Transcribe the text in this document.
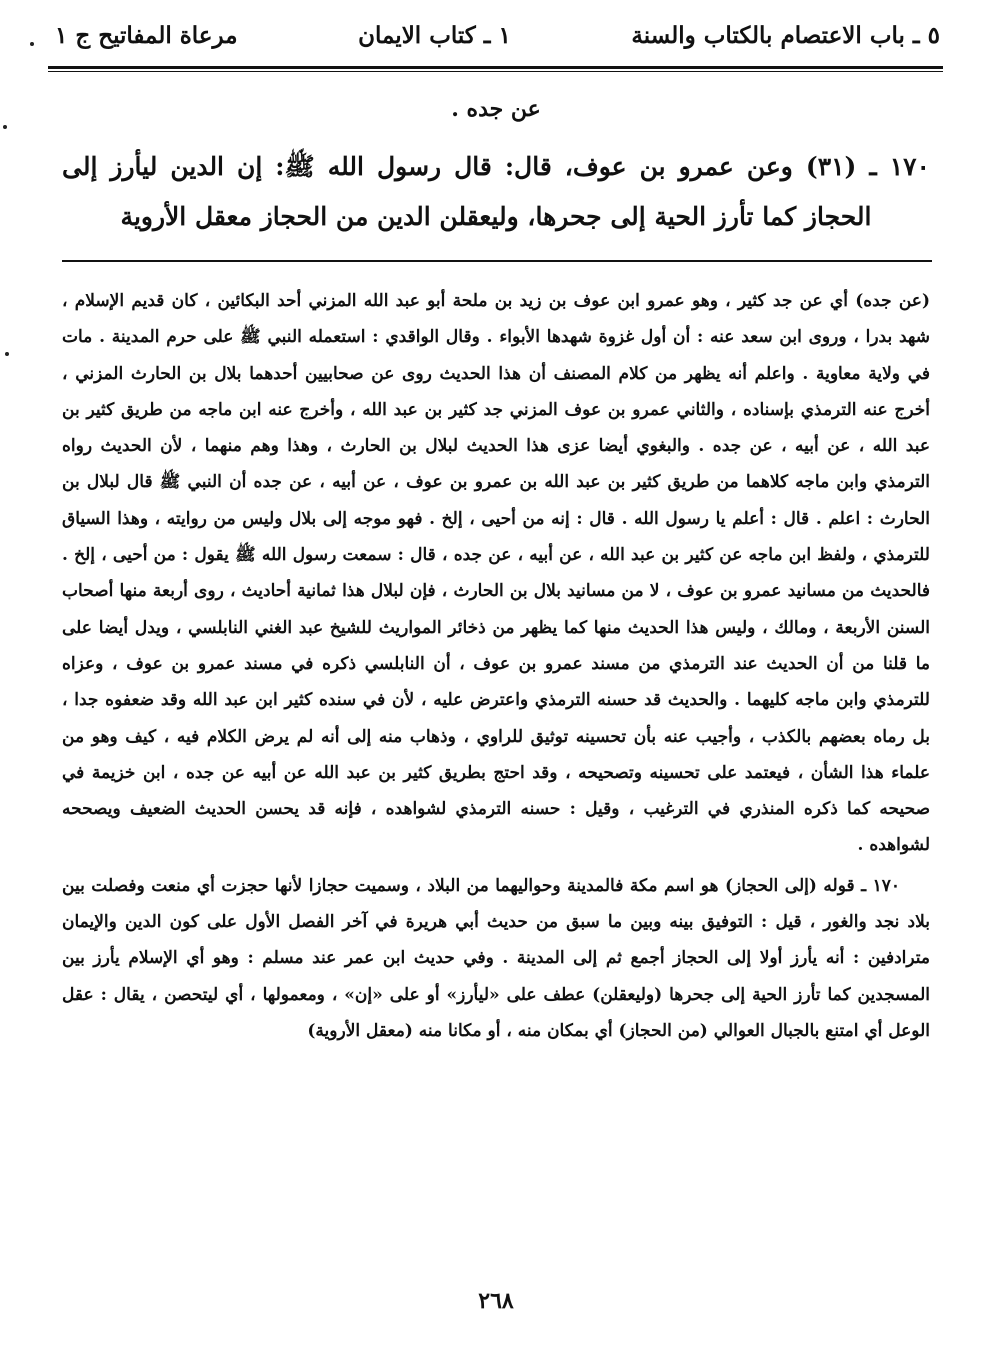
مرعاة المفاتيح ج ١	١ ـ كتاب الايمان	٥ ـ باب الاعتصام بالكتاب والسنة
عن جده .
١٧٠ ـ (٣١) وعن عمرو بن عوف، قال: قال رسول الله ﷺ: إن الدين ليأرز إلى الحجاز كما تأرز الحية إلى جحرها، وليعقلن الدين من الحجاز معقل الأروية

(عن جده) أي عن جد كثير ، وهو عمرو ابن عوف بن زيد بن ملحة أبو عبد الله المزني أحد البكائين ، كان قديم الإسلام ، شهد بدرا ، وروى ابن سعد عنه : أن أول غزوة شهدها الأبواء . وقال الواقدي : استعمله النبي ﷺ على حرم المدينة . مات في ولاية معاوية . واعلم أنه يظهر من كلام المصنف أن هذا الحديث روى عن صحابيين أحدهما بلال بن الحارث المزني ، أخرج عنه الترمذي بإسناده ، والثاني عمرو بن عوف المزني جد كثير بن عبد الله ، وأخرج عنه ابن ماجه من طريق كثير بن عبد الله ، عن أبيه ، عن جده . والبغوي أيضا عزى هذا الحديث لبلال بن الحارث ، وهذا وهم منهما ، لأن الحديث رواه الترمذي وابن ماجه كلاهما من طريق كثير بن عبد الله بن عمرو بن عوف ، عن أبيه ، عن جده أن النبي ﷺ قال لبلال بن الحارث : اعلم . قال : أعلم يا رسول الله . قال : إنه من أحيى ، إلخ . فهو موجه إلى بلال وليس من روايته ، وهذا السياق للترمذي ، ولفظ ابن ماجه عن كثير بن عبد الله ، عن أبيه ، عن جده ، قال : سمعت رسول الله ﷺ يقول : من أحيى ، إلخ . فالحديث من مسانيد عمرو بن عوف ، لا من مسانيد بلال بن الحارث ، فإن لبلال هذا ثمانية أحاديث ، روى أربعة منها أصحاب السنن الأربعة ، ومالك ، وليس هذا الحديث منها كما يظهر من ذخائر المواريث للشيخ عبد الغني النابلسي ، ويدل أيضا على ما قلنا من أن الحديث عند الترمذي من مسند عمرو بن عوف ، أن النابلسي ذكره في مسند عمرو بن عوف ، وعزاه للترمذي وابن ماجه كليهما . والحديث قد حسنه الترمذي واعترض عليه ، لأن في سنده كثير ابن عبد الله وقد ضعفوه جدا ، بل رماه بعضهم بالكذب ، وأجيب عنه بأن تحسينه توثيق للراوي ، وذهاب منه إلى أنه لم يرض الكلام فيه ، كيف وهو من علماء هذا الشأن ، فيعتمد على تحسينه وتصحيحه ، وقد احتج بطريق كثير بن عبد الله عن أبيه عن جده ، ابن خزيمة في صحيحه كما ذكره المنذري في الترغيب ، وقيل : حسنه الترمذي لشواهده ، فإنه قد يحسن الحديث الضعيف ويصححه لشواهده .

١٧٠ ـ قوله (إلى الحجاز) هو اسم مكة فالمدينة وحواليهما من البلاد ، وسميت حجازا لأنها حجزت أي منعت وفصلت بين بلاد نجد والغور ، قيل : التوفيق بينه وبين ما سبق من حديث أبي هريرة في آخر الفصل الأول على كون الدين والإيمان مترادفين : أنه يأرز أولا إلى الحجاز أجمع ثم إلى المدينة . وفي حديث ابن عمر عند مسلم : وهو أي الإسلام يأرز بين المسجدين كما تأرز الحية إلى جحرها (وليعقلن) عطف على «ليأرز» أو على «إن» ، ومعمولها ، أي ليتحصن ، يقال : عقل الوعل أي امتنع بالجبال العوالي (من الحجاز) أي بمكان منه ، أو مكانا منه (معقل الأروية)

٢٦٨
